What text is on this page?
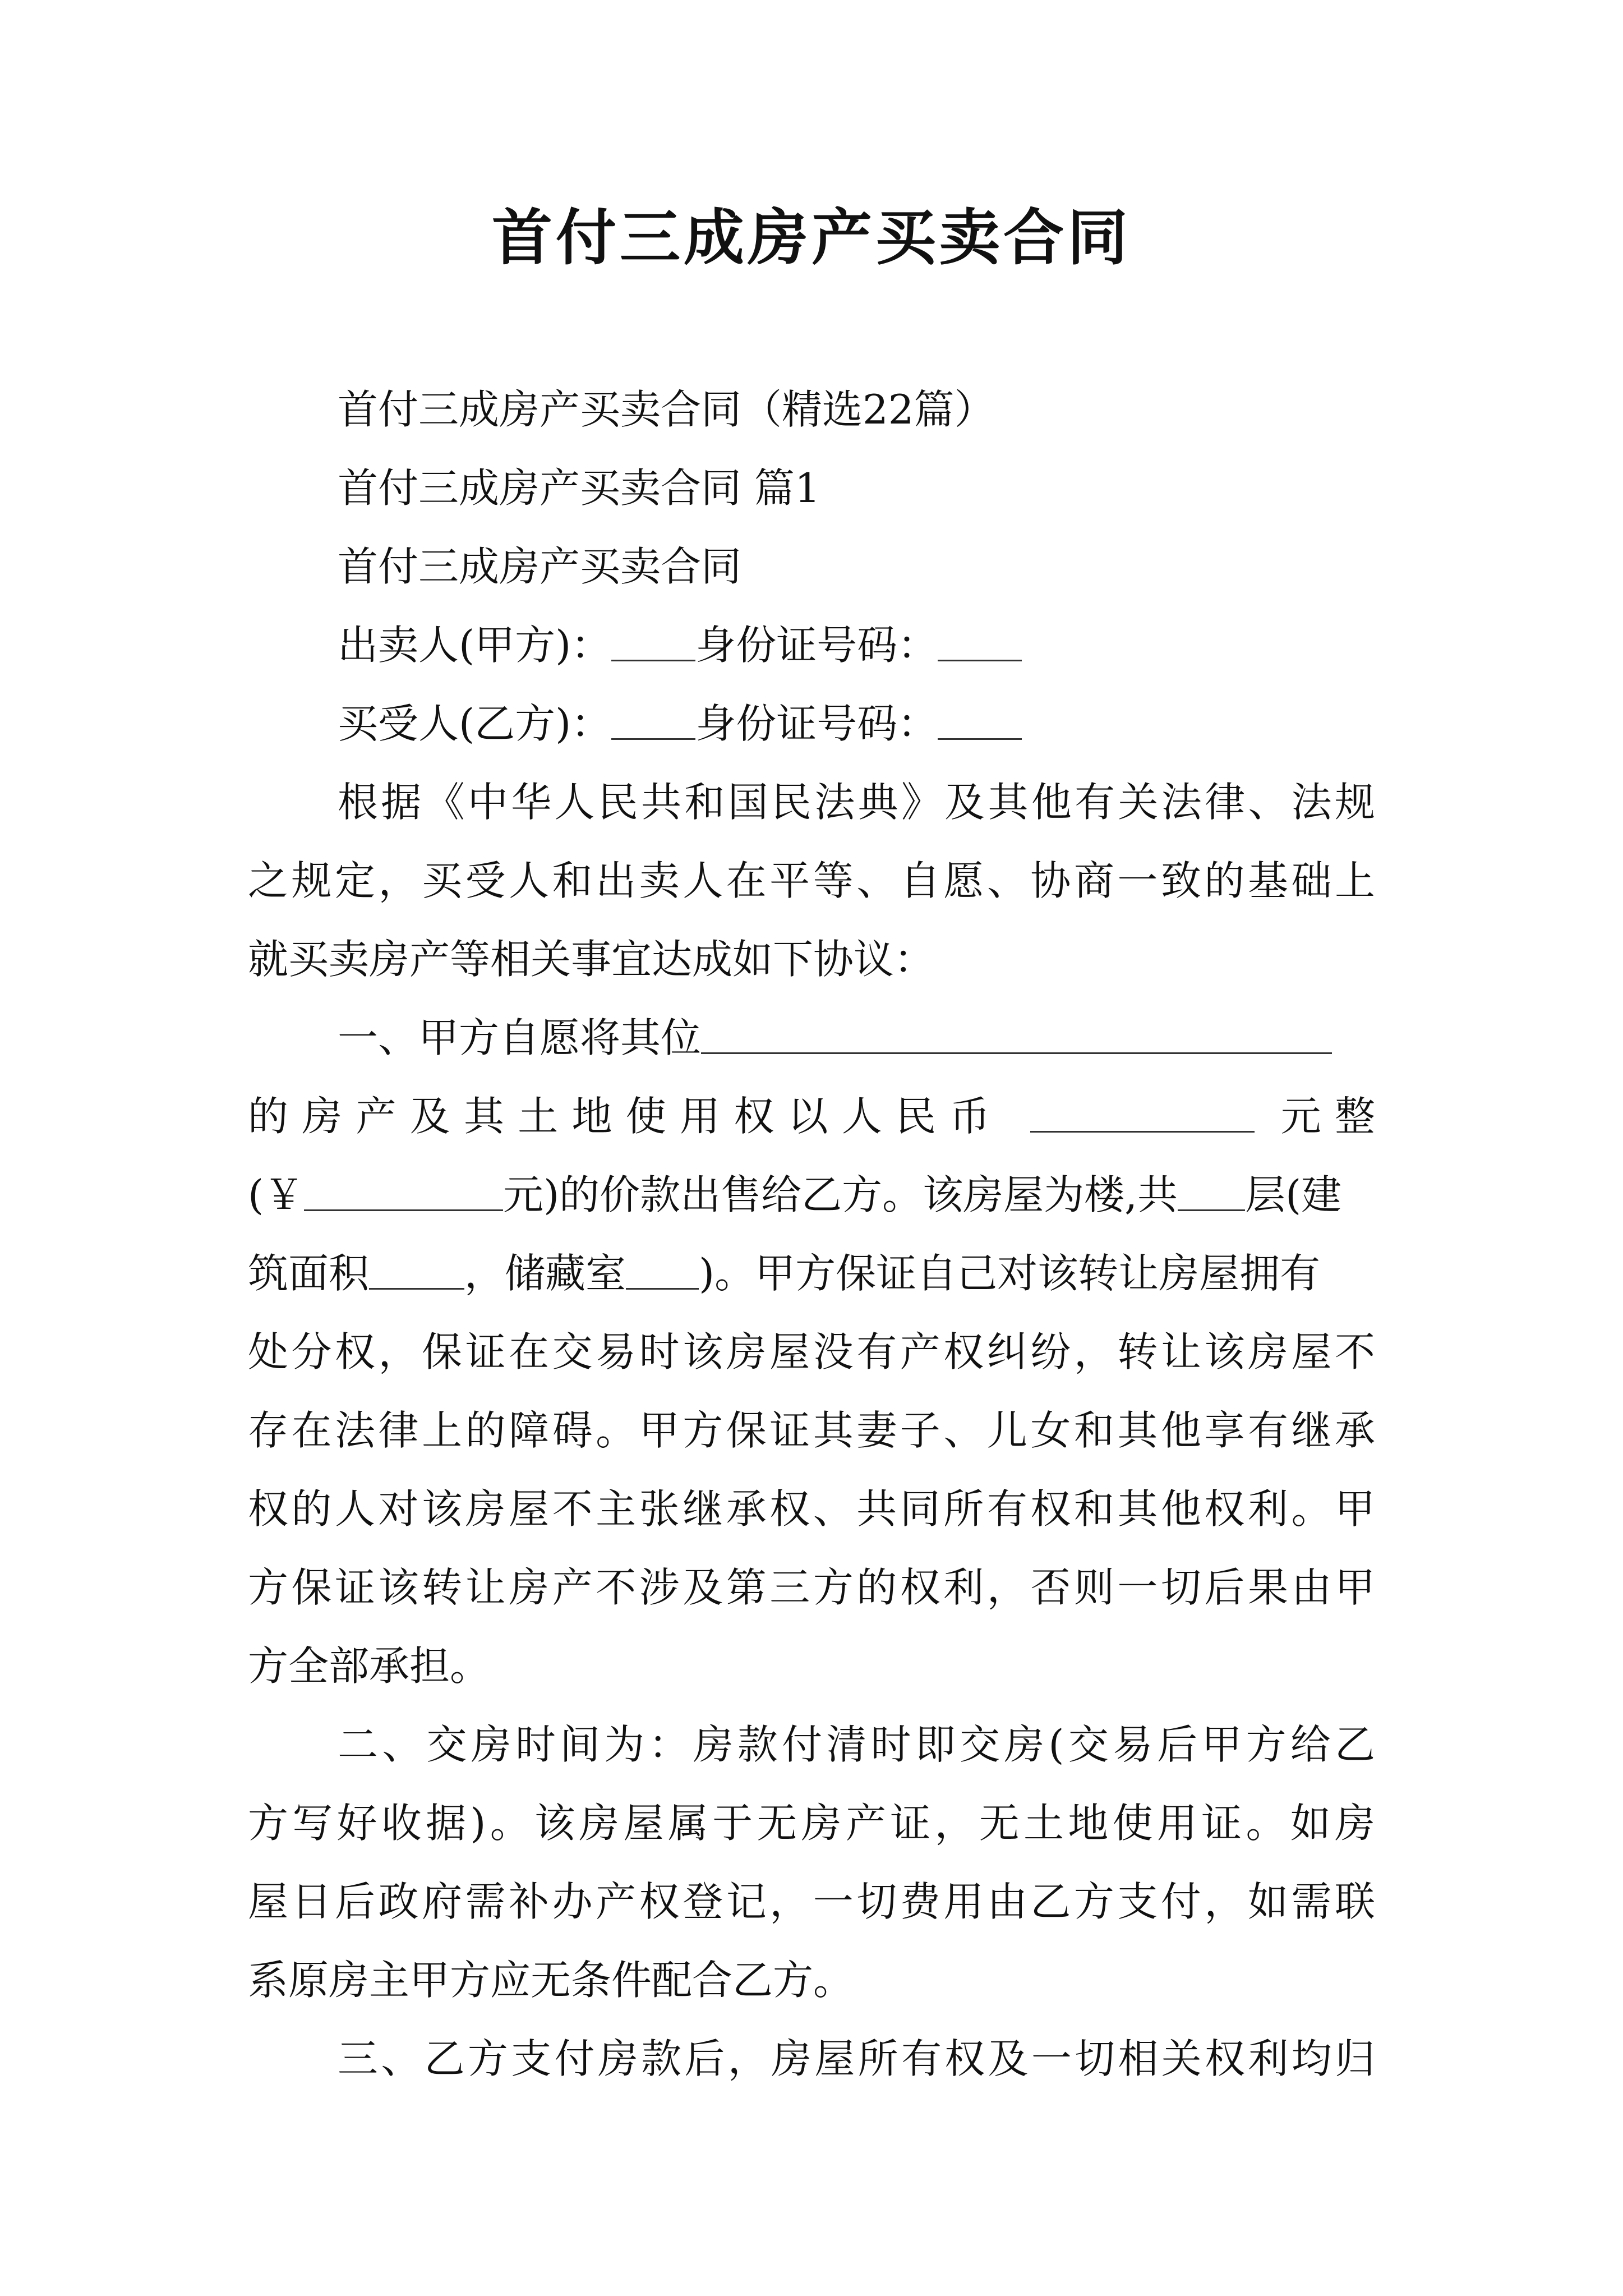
首付三成房产买卖合同
首付三成房产买卖合同（精选22篇）
首付三成房产买卖合同 篇1
首付三成房产买卖合同
出卖人(甲方)： 身份证号码：
买受人(乙方)： 身份证号码：
根据《中华人民共和国民法典》及其他有关法律、法规
之规定，买受人和出卖人在平等、自愿、协商一致的基础上
就买卖房产等相关事宜达成如下协议：
一、甲方自愿将其位
的房产及其土地使用权以人民币	元整
(￥	元)的价款出售给乙方。该房屋为楼,共 层(建
筑面积 ，储藏室 )。甲方保证自己对该转让房屋拥有
处分权，保证在交易时该房屋没有产权纠纷，转让该房屋不
存在法律上的障碍。甲方保证其妻子、儿女和其他享有继承
权的人对该房屋不主张继承权、共同所有权和其他权利。甲
方保证该转让房产不涉及第三方的权利，否则一切后果由甲
方全部承担。
二、交房时间为：房款付清时即交房(交易后甲方给乙
方写好收据)。该房屋属于无房产证，无土地使用证。如房
屋日后政府需补办产权登记，一切费用由乙方支付，如需联
系原房主甲方应无条件配合乙方。
三、乙方支付房款后，房屋所有权及一切相关权利均归
